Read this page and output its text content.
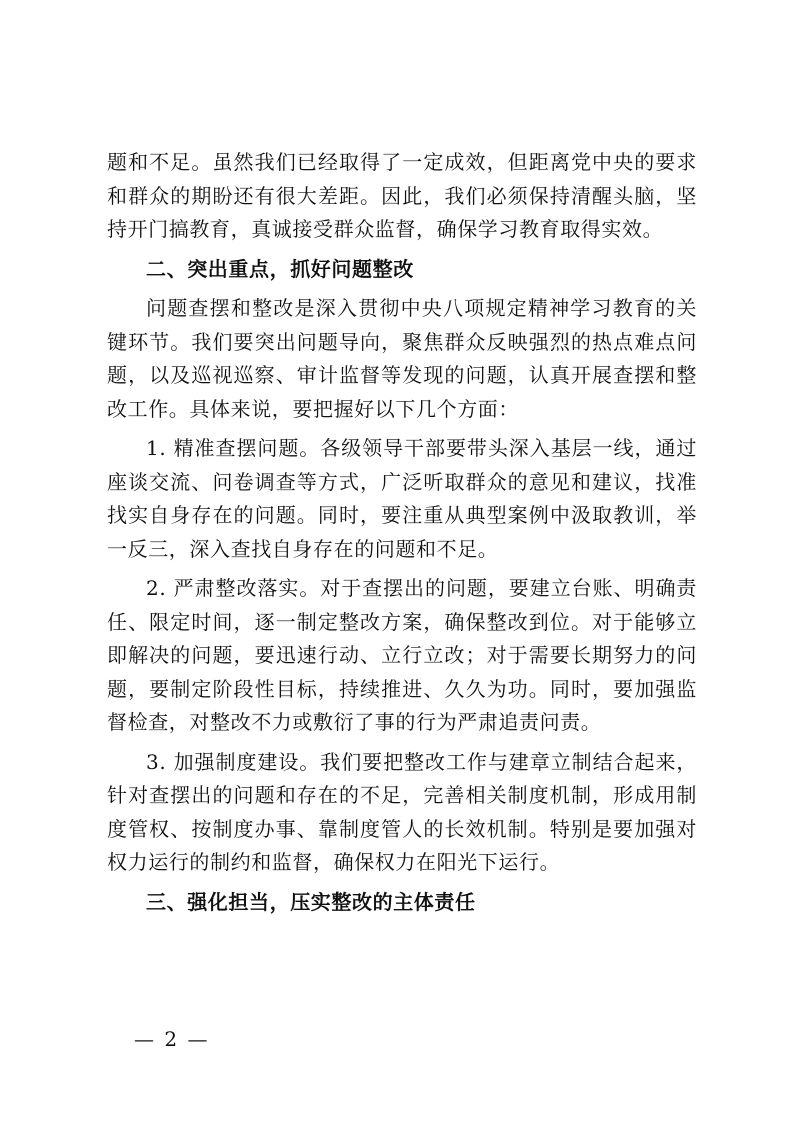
题和不足。虽然我们已经取得了一定成效，但距离党中央的要求和群众的期盼还有很大差距。因此，我们必须保持清醒头脑，坚持开门搞教育，真诚接受群众监督，确保学习教育取得实效。

二、突出重点，抓好问题整改

问题查摆和整改是深入贯彻中央八项规定精神学习教育的关键环节。我们要突出问题导向，聚焦群众反映强烈的热点难点问题，以及巡视巡察、审计监督等发现的问题，认真开展查摆和整改工作。具体来说，要把握好以下几个方面：

1. 精准查摆问题。各级领导干部要带头深入基层一线，通过座谈交流、问卷调查等方式，广泛听取群众的意见和建议，找准找实自身存在的问题。同时，要注重从典型案例中汲取教训，举一反三，深入查找自身存在的问题和不足。

2. 严肃整改落实。对于查摆出的问题，要建立台账、明确责任、限定时间，逐一制定整改方案，确保整改到位。对于能够立即解决的问题，要迅速行动、立行立改；对于需要长期努力的问题，要制定阶段性目标，持续推进、久久为功。同时，要加强监督检查，对整改不力或敷衍了事的行为严肃追责问责。

3. 加强制度建设。我们要把整改工作与建章立制结合起来，针对查摆出的问题和存在的不足，完善相关制度机制，形成用制度管权、按制度办事、靠制度管人的长效机制。特别是要加强对权力运行的制约和监督，确保权力在阳光下运行。

三、强化担当，压实整改的主体责任

— 2 —
